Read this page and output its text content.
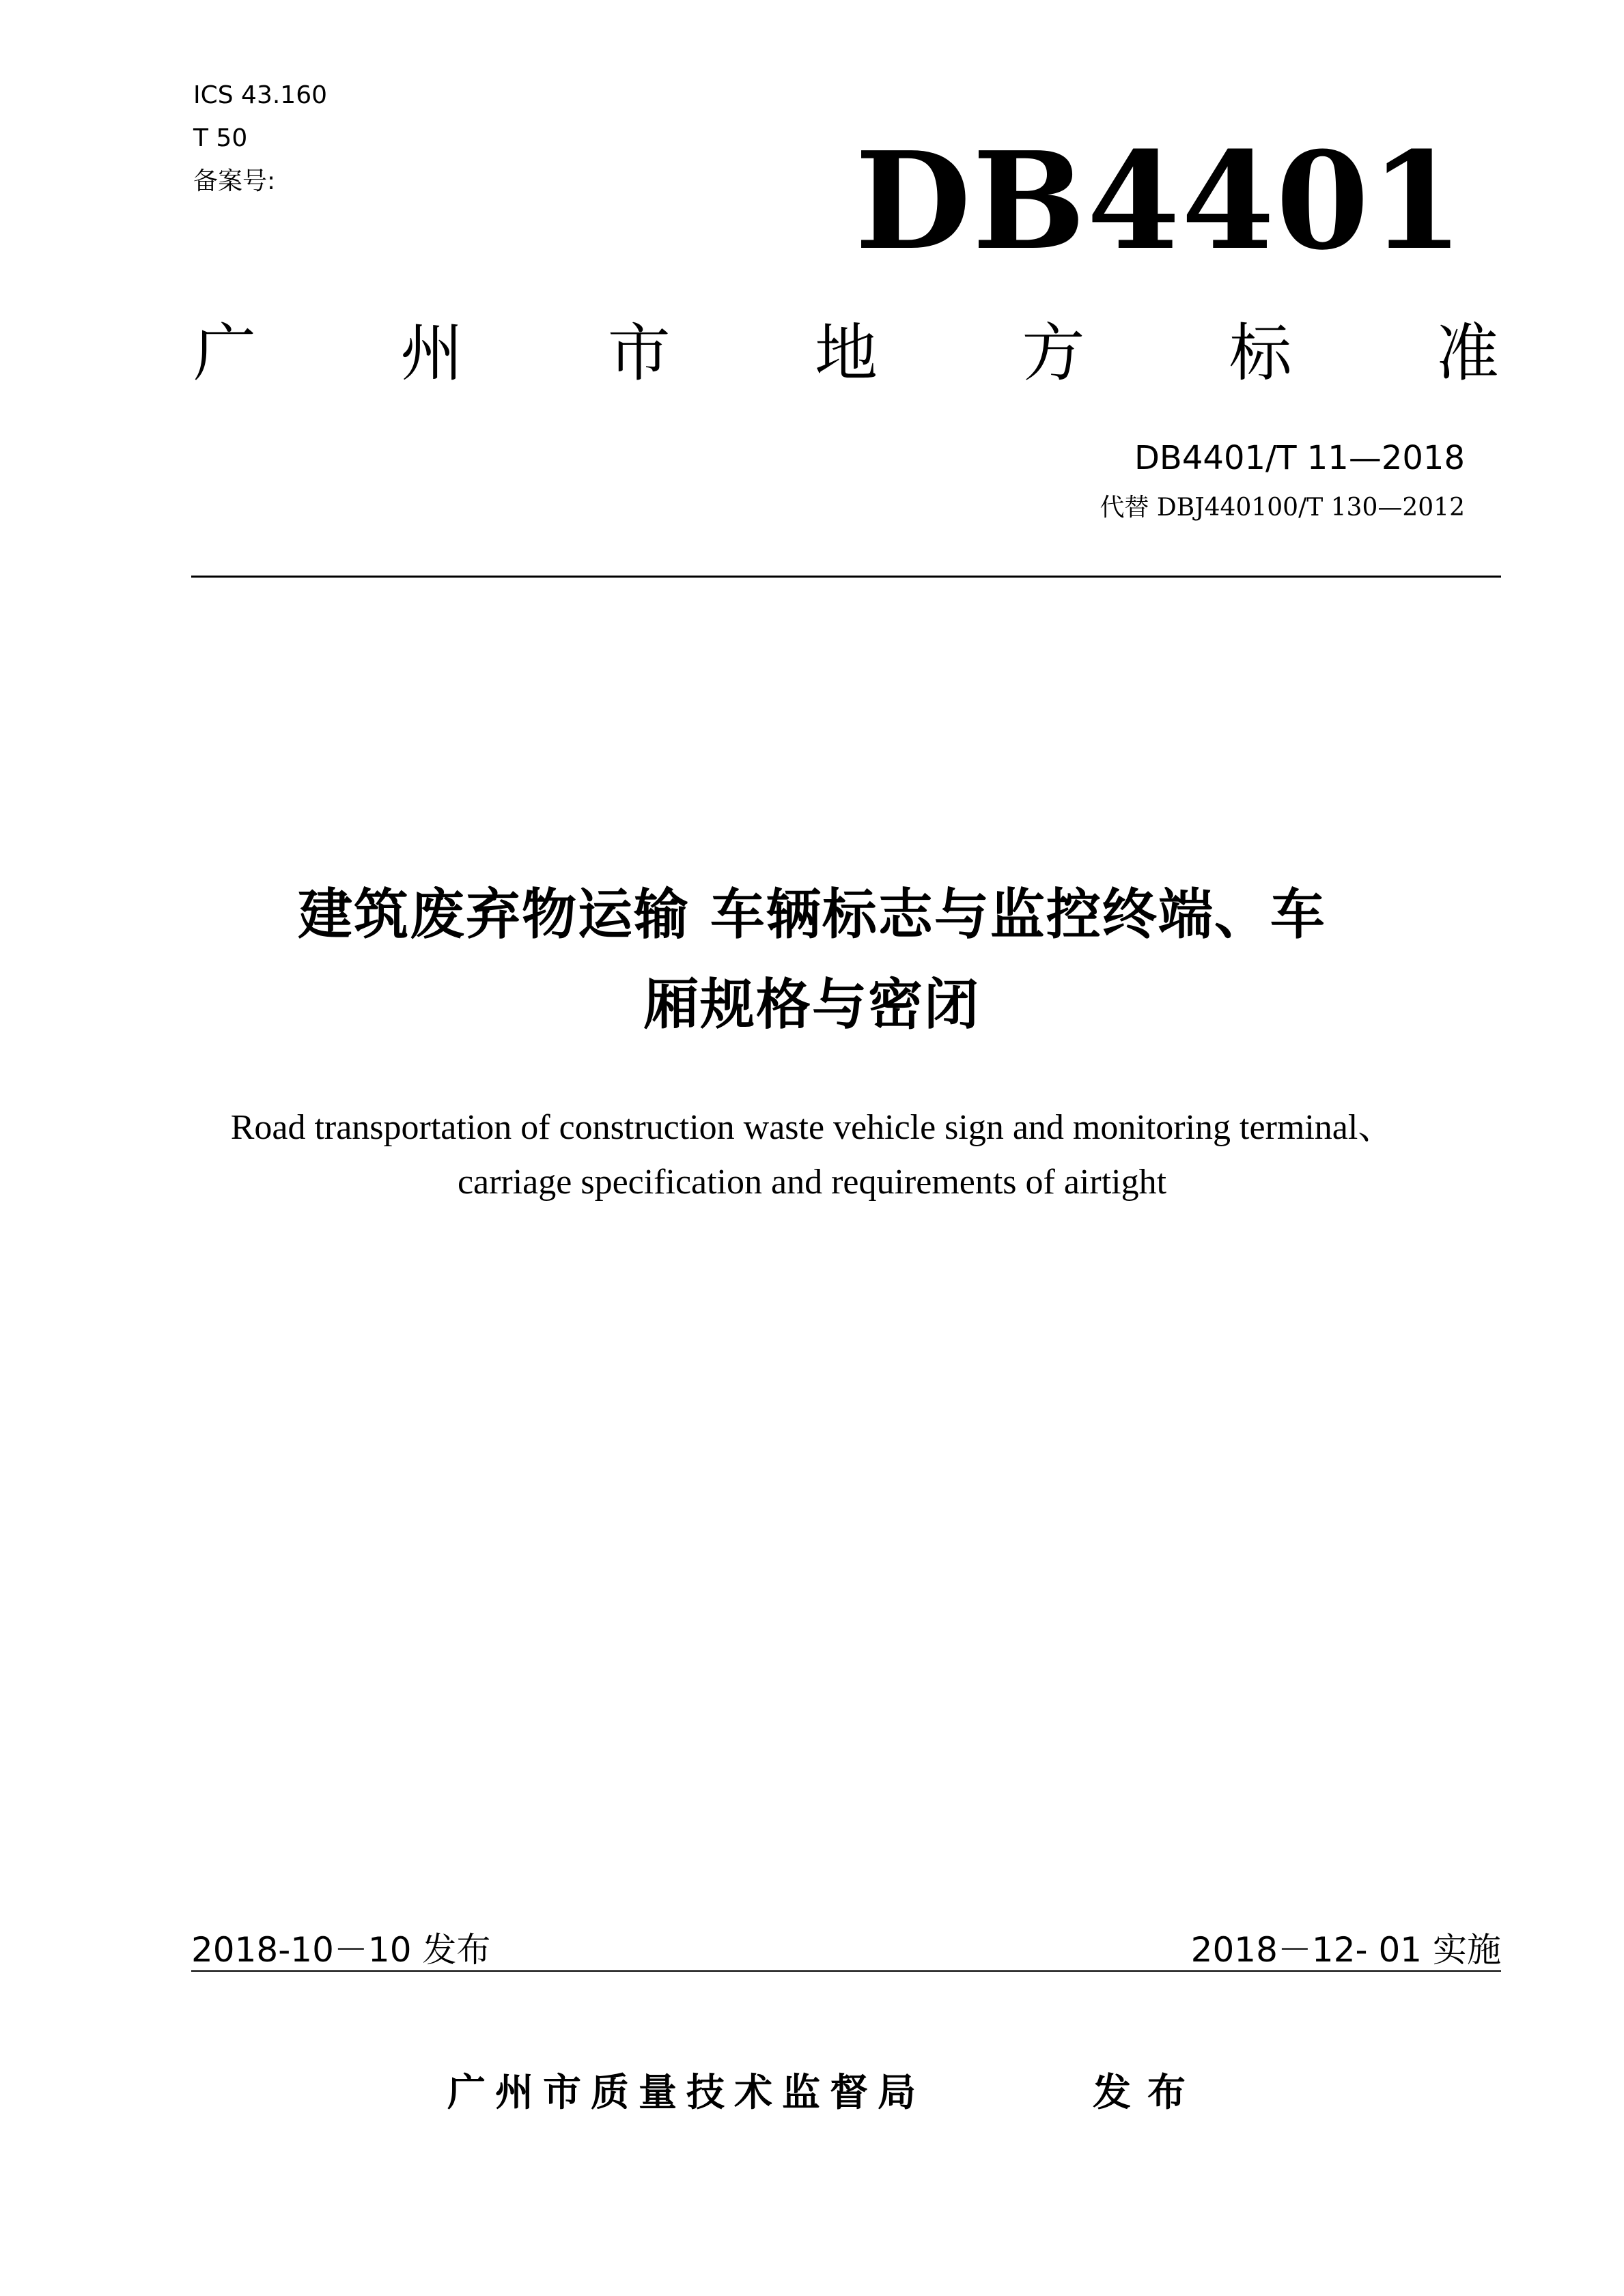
ICS 43.160
T 50
备案号:	DB4401
广 州 市 地 方 标 准
DB4401/T 11—2018
代替 DBJ440100/T 130—2012
建筑废弃物运输 车辆标志与监控终端、车
厢规格与密闭
Road transportation of construction waste vehicle sign and monitoring terminal、
carriage specification and requirements of airtight
2018-10－10 发布	2018－12- 01 实施
广州市质量技术监督局	发布
